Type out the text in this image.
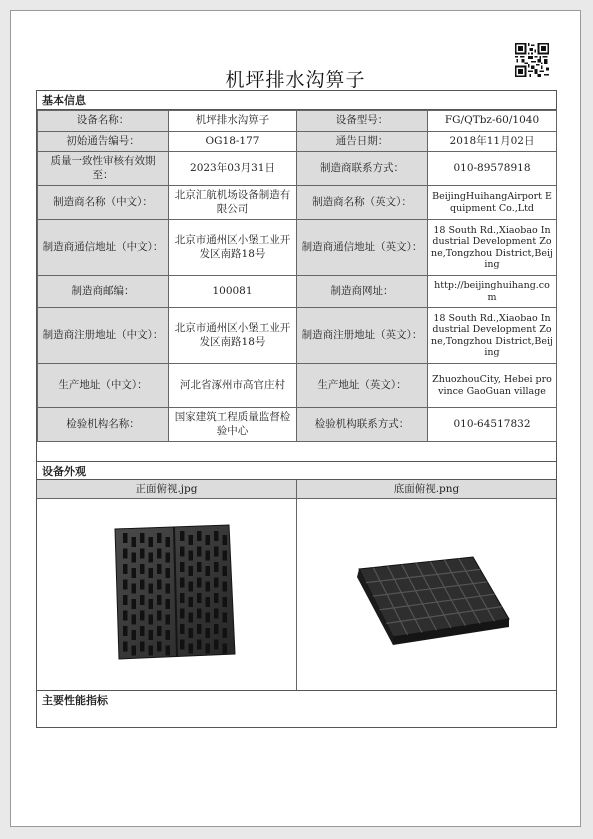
机坪排水沟箅子
基本信息
设备名称：	机坪排水沟箅子	设备型号：	FG/QTbz-60/1040
初始通告编号：	OG18-177	通告日期：	2018年11月02日
质量一致性审核有效期至：	2023年03月31日	制造商联系方式：	010-89578918
制造商名称（中文）：	北京汇航机场设备制造有限公司	制造商名称（英文）：	BeijingHuihangAirport Equipment Co.,Ltd
制造商通信地址（中文）：	北京市通州区小堡工业开发区南路18号	制造商通信地址（英文）：	18 South Rd.,Xiaobao Industrial Development Zone,Tongzhou District,Beijing
制造商邮编：	100081	制造商网址：	http://beijinghuihang.com
制造商注册地址（中文）：	北京市通州区小堡工业开发区南路18号	制造商注册地址（英文）：	18 South Rd.,Xiaobao Industrial Development Zone,Tongzhou District,Beijing
生产地址（中文）：	河北省涿州市高官庄村	生产地址（英文）：	ZhuozhouCity, Hebei province GaoGuan village
检验机构名称：	国家建筑工程质量监督检验中心	检验机构联系方式：	010-64517832
设备外观
正面俯视.jpg	底面俯视.png
主要性能指标
